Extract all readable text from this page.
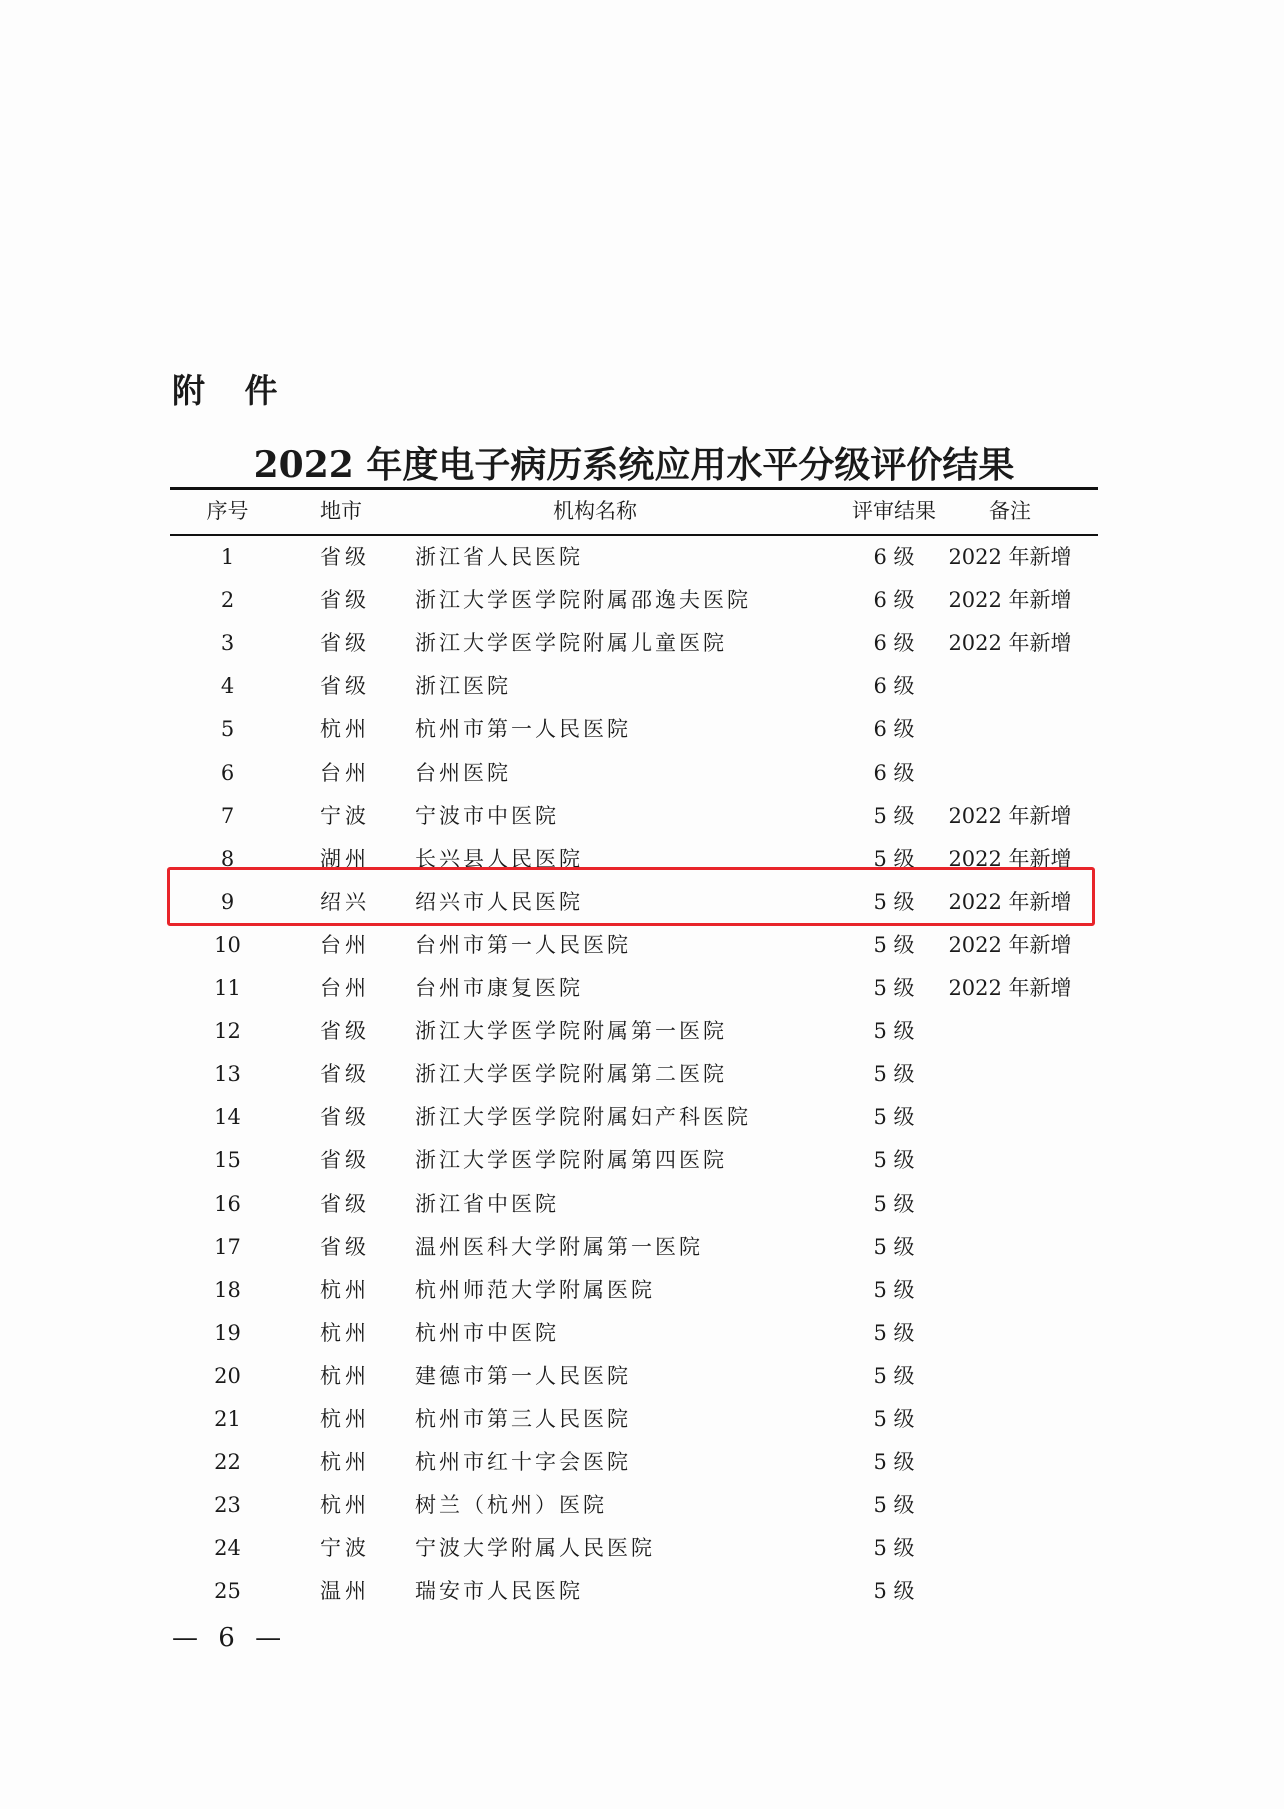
附 件
2022 年度电子病历系统应用水平分级评价结果
序号	地市	机构名称	评审结果	备注
1	省级	浙江省人民医院	6 级	2022 年新增
2	省级	浙江大学医学院附属邵逸夫医院	6 级	2022 年新增
3	省级	浙江大学医学院附属儿童医院	6 级	2022 年新增
4	省级	浙江医院	6 级
5	杭州	杭州市第一人民医院	6 级
6	台州	台州医院	6 级
7	宁波	宁波市中医院	5 级	2022 年新增
8	湖州	长兴县人民医院	5 级	2022 年新增
9	绍兴	绍兴市人民医院	5 级	2022 年新增
10	台州	台州市第一人民医院	5 级	2022 年新增
11	台州	台州市康复医院	5 级	2022 年新增
12	省级	浙江大学医学院附属第一医院	5 级
13	省级	浙江大学医学院附属第二医院	5 级
14	省级	浙江大学医学院附属妇产科医院	5 级
15	省级	浙江大学医学院附属第四医院	5 级
16	省级	浙江省中医院	5 级
17	省级	温州医科大学附属第一医院	5 级
18	杭州	杭州师范大学附属医院	5 级
19	杭州	杭州市中医院	5 级
20	杭州	建德市第一人民医院	5 级
21	杭州	杭州市第三人民医院	5 级
22	杭州	杭州市红十字会医院	5 级
23	杭州	树兰（杭州）医院	5 级
24	宁波	宁波大学附属人民医院	5 级
25	温州	瑞安市人民医院	5 级
— 6 —
